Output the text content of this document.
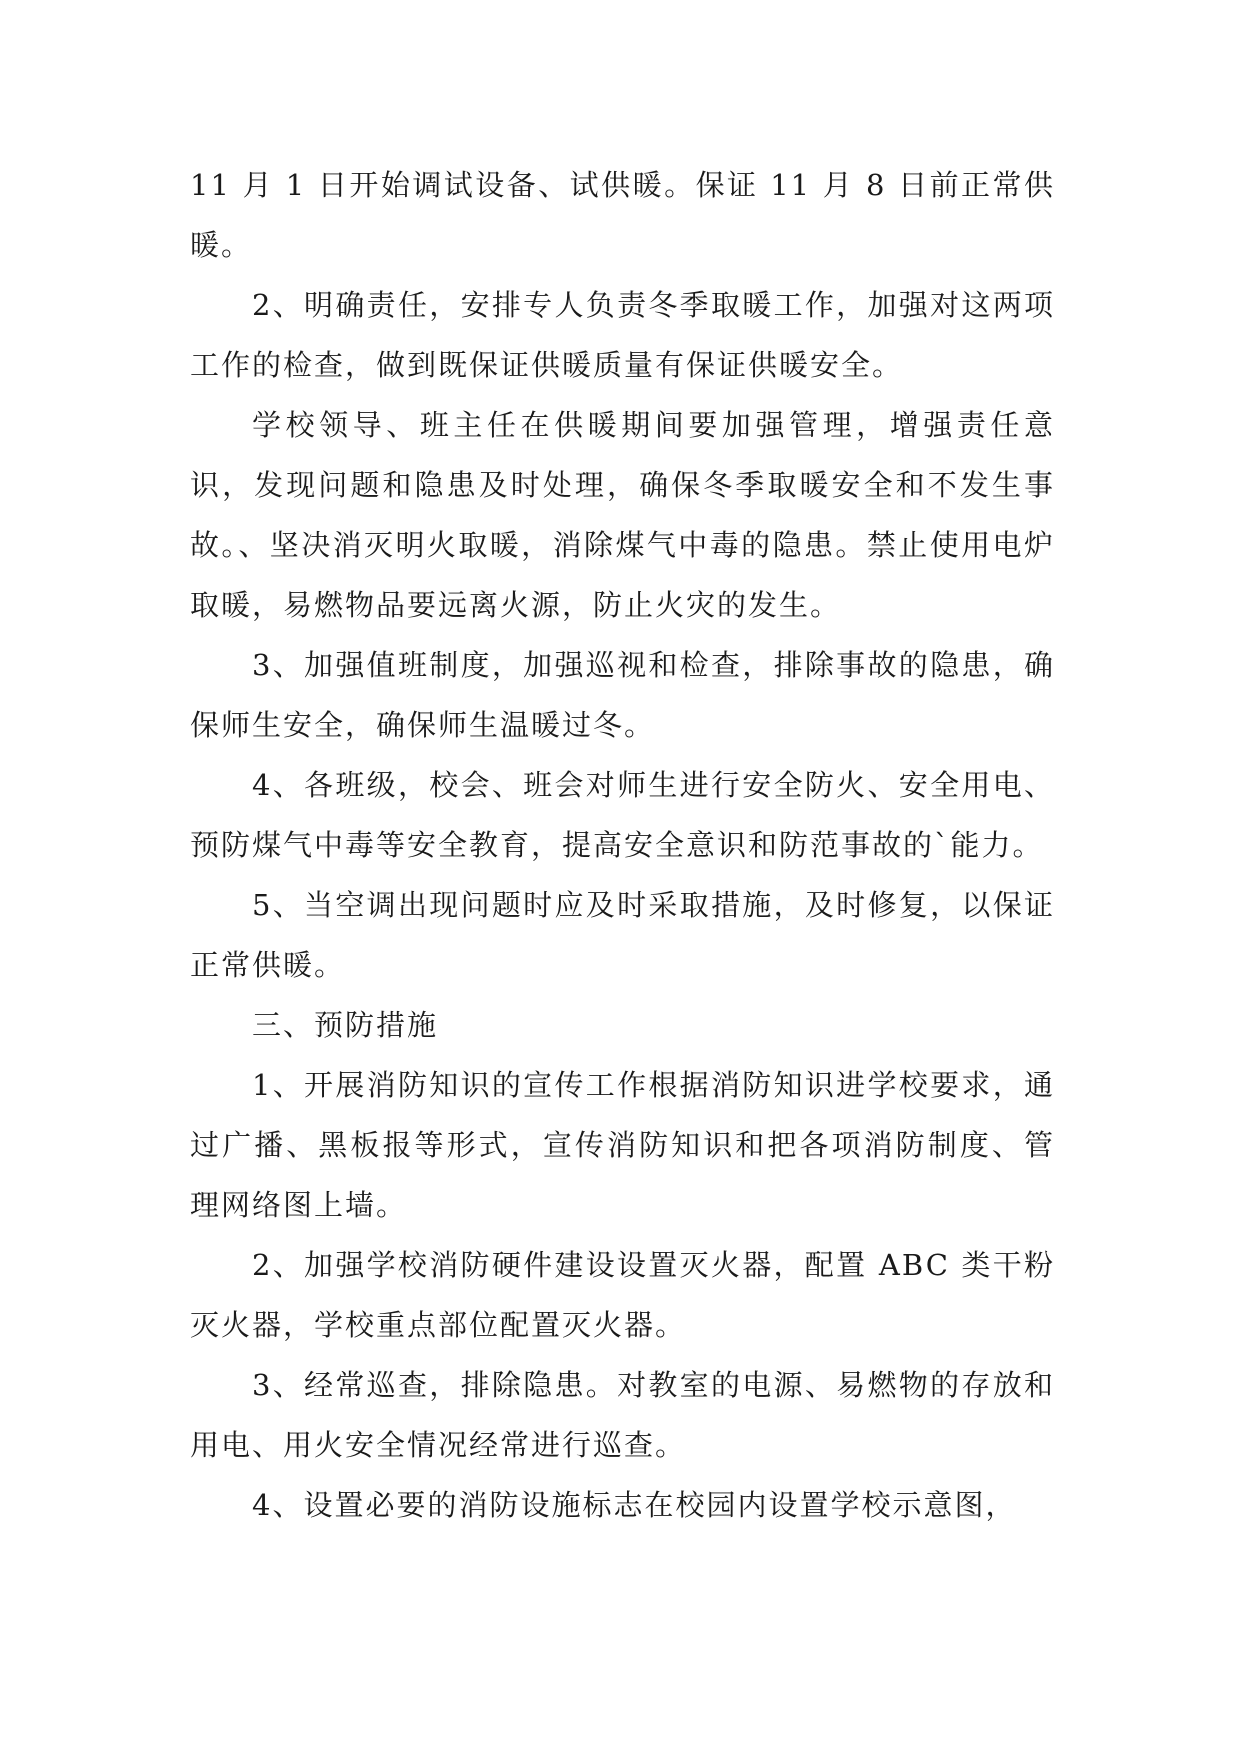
11 月 1 日开始调试设备、试供暖。保证 11 月 8 日前正常供暖。

2、明确责任，安排专人负责冬季取暖工作，加强对这两项工作的检查，做到既保证供暖质量有保证供暖安全。

学校领导、班主任在供暖期间要加强管理，增强责任意识，发现问题和隐患及时处理，确保冬季取暖安全和不发生事故。、坚决消灭明火取暖，消除煤气中毒的隐患。禁止使用电炉取暖，易燃物品要远离火源，防止火灾的发生。

3、加强值班制度，加强巡视和检查，排除事故的隐患，确保师生安全，确保师生温暖过冬。

4、各班级，校会、班会对师生进行安全防火、安全用电、预防煤气中毒等安全教育，提高安全意识和防范事故的`能力。

5、当空调出现问题时应及时采取措施，及时修复，以保证正常供暖。

三、预防措施

1、开展消防知识的宣传工作根据消防知识进学校要求，通过广播、黑板报等形式，宣传消防知识和把各项消防制度、管理网络图上墙。

2、加强学校消防硬件建设设置灭火器，配置 ABC 类干粉灭火器，学校重点部位配置灭火器。

3、经常巡查，排除隐患。对教室的电源、易燃物的存放和用电、用火安全情况经常进行巡查。

4、设置必要的消防设施标志在校园内设置学校示意图，
